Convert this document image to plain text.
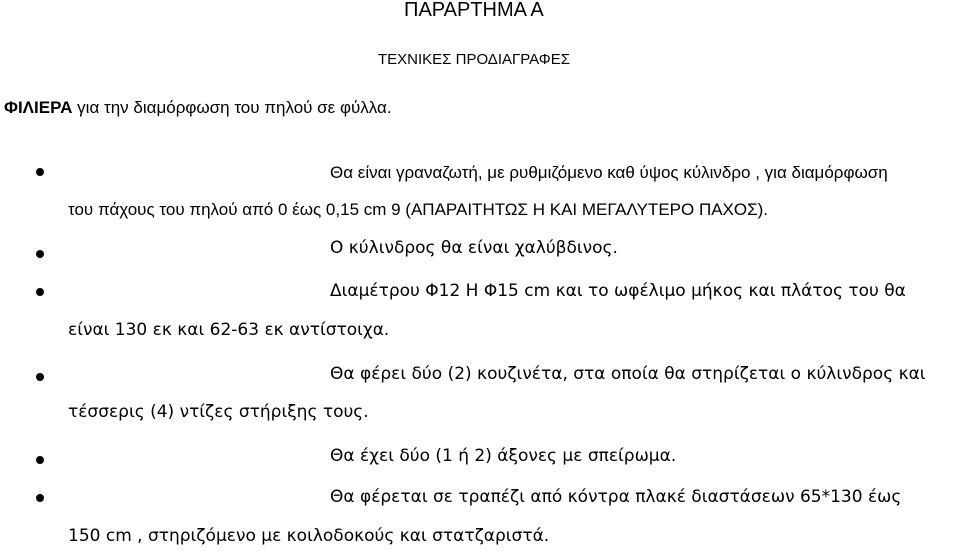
ΠΑΡΑΡΤΗΜΑ Α
ΤΕΧΝΙΚΕΣ ΠΡΟΔΙΑΓΡΑΦΕΣ
ΦΙΛΙΕΡΑ για την διαμόρφωση του πηλού σε φύλλα.
Θα είναι γραναζωτή, με ρυθμιζόμενο καθ ύψος κύλινδρο , για διαμόρφωση
του πάχους του πηλού από 0 έως 0,15 cm 9 (ΑΠΑΡΑΙΤΗΤΩΣ Η ΚΑΙ ΜΕΓΑΛΥΤΕΡΟ ΠΑΧΟΣ).
Ο κύλινδρος θα είναι χαλύβδινος.
Διαμέτρου Φ12 Η Φ15 cm και το ωφέλιμο μήκος και πλάτος του θα
είναι 130 εκ και 62-63 εκ αντίστοιχα.
Θα φέρει δύο (2) κουζινέτα, στα οποία θα στηρίζεται ο κύλινδρος και
τέσσερις (4) ντίζες στήριξης τους.
Θα έχει δύο (1 ή 2) άξονες με σπείρωμα.
Θα φέρεται σε τραπέζι από κόντρα πλακέ διαστάσεων 65*130 έως
150 cm , στηριζόμενο με κοιλοδοκούς και στατζαριστά.
